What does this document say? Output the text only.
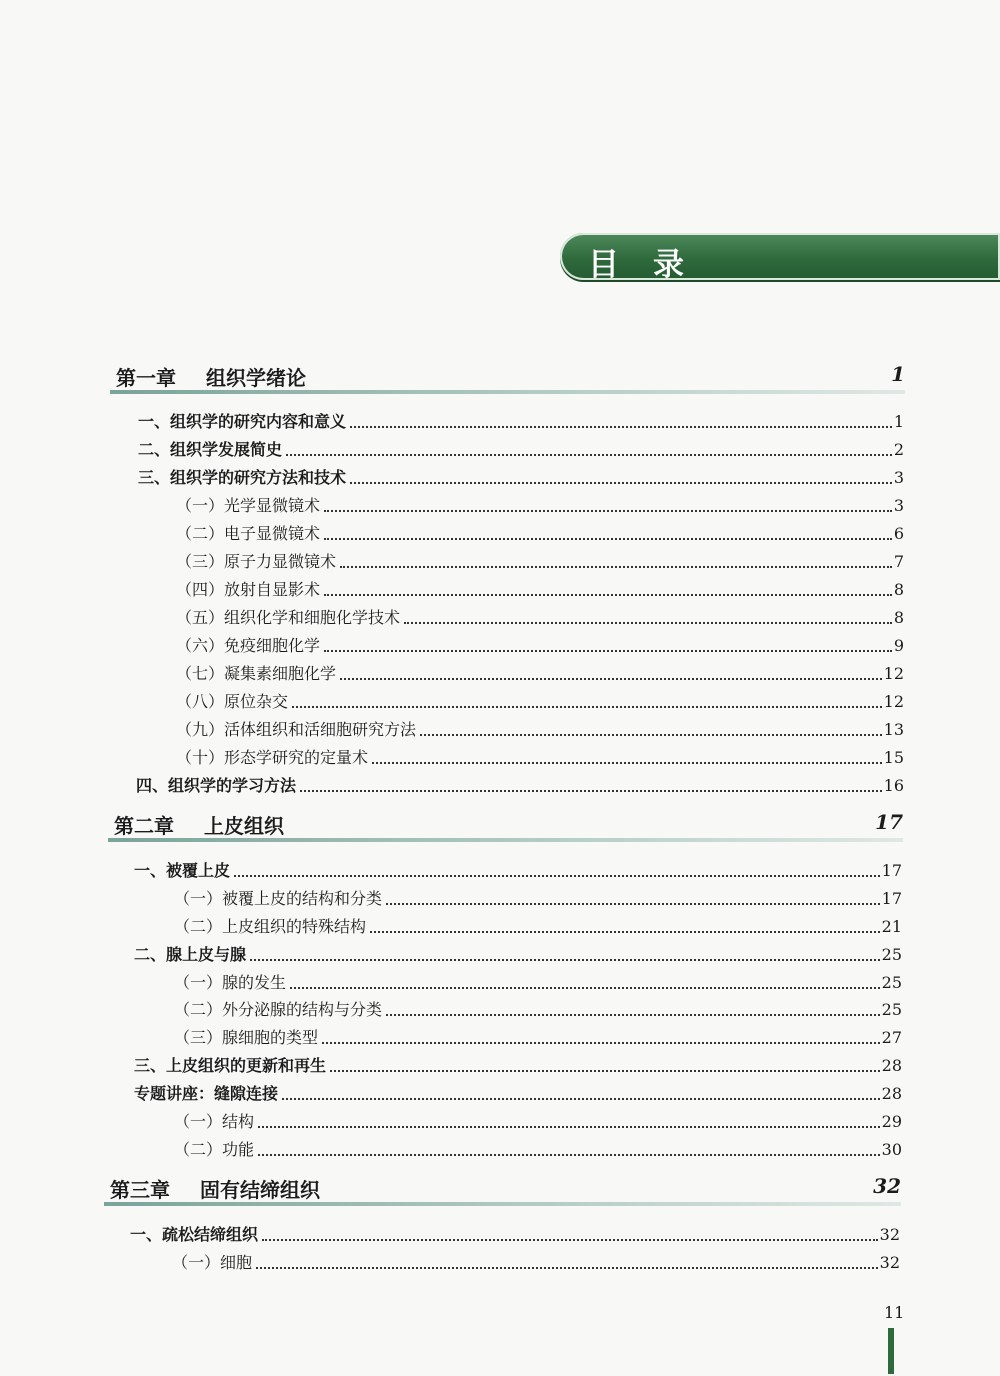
目录
第一章 组织学绪论	1
一、组织学的研究内容和意义	1
二、组织学发展简史	2
三、组织学的研究方法和技术	3
（一）光学显微镜术	3
（二）电子显微镜术	6
（三）原子力显微镜术	7
（四）放射自显影术	8
（五）组织化学和细胞化学技术	8
（六）免疫细胞化学	9
（七）凝集素细胞化学	12
（八）原位杂交	12
（九）活体组织和活细胞研究方法	13
（十）形态学研究的定量术	15
四、组织学的学习方法	16
第二章 上皮组织	17
一、被覆上皮	17
（一）被覆上皮的结构和分类	17
（二）上皮组织的特殊结构	21
二、腺上皮与腺	25
（一）腺的发生	25
（二）外分泌腺的结构与分类	25
（三）腺细胞的类型	27
三、上皮组织的更新和再生	28
专题讲座：缝隙连接	28
（一）结构	29
（二）功能	30
第三章 固有结缔组织	32
一、疏松结缔组织	32
（一）细胞	32
11
